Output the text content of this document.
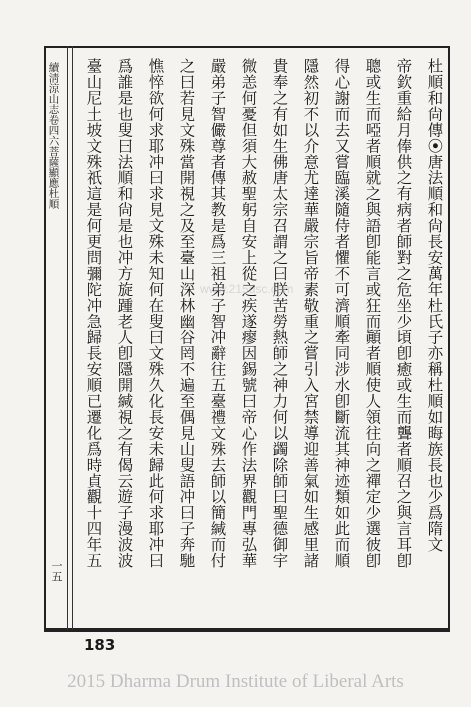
續淸涼山志卷四六菩薩顯應杜順
一五
杜順和尙傳⦿唐法順和尙長安萬年杜氏子亦稱杜順如晦族長也少爲隋文
帝欽重給月俸供之有病者師對之危坐少頃卽癒或生而聾者順召之與言耳卽
聰或生而啞者順就之與語卽能言或狂而顚者順使人領往向之禪定少選彼卽
得心謝而去又嘗臨溪隨侍者懼不可濟順牽同涉水卽斷流其神迹類如此而順
隱然初不以介意尤達華嚴宗旨帝素敬重之嘗引入宮禁導迎善氣如生感里諸
貴奉之有如生佛唐太宗召謂之曰朕苦勞熱師之神力何以蠲除師曰聖德御宇
微恙何憂但須大赦聖躬自安上從之疾遂瘳因錫號曰帝心作法界觀門專弘華
嚴弟子智儼尊者傳其教是爲三祖弟子智冲辭往五臺禮文殊去師以簡緘而付
之曰若見文殊當開視之及至臺山深林幽谷罔不遍至偶見山叟語冲曰子奔馳
憔悴欲何求耶冲曰求見文殊未知何在叟曰文殊久化長安未歸此何求耶冲曰
爲誰是也叟曰法順和尙是也冲方旋踵老人卽隱開緘視之有偈云遊子漫波波
臺山尼土坡文殊祇這是何更問彌陀冲急歸長安順已遷化爲時貞觀十四年五	www.215dsc.com
183
2015 Dharma Drum Institute of Liberal Arts
